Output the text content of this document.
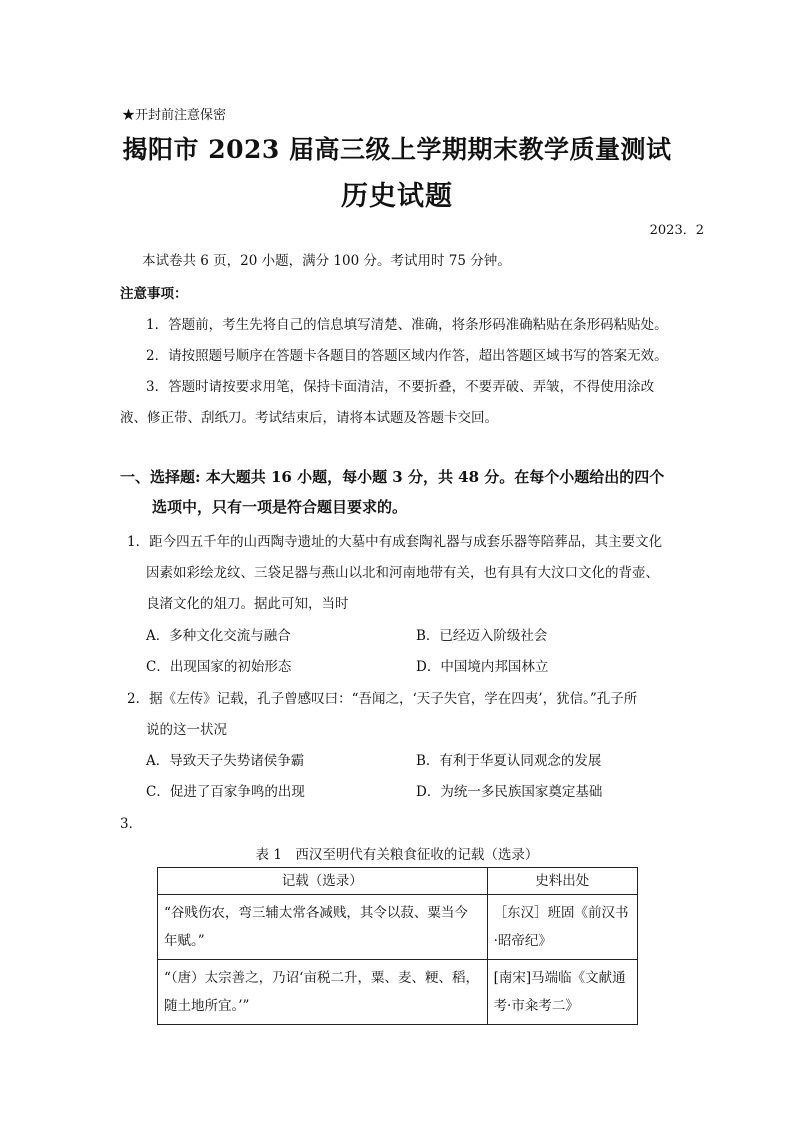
★开封前注意保密
揭阳市 2023 届高三级上学期期末教学质量测试
历史试题
2023．2
本试卷共 6 页，20 小题，满分 100 分。考试用时 75 分钟。
注意事项：
1．答题前，考生先将自己的信息填写清楚、准确，将条形码准确粘贴在条形码粘贴处。
2．请按照题号顺序在答题卡各题目的答题区域内作答，超出答题区域书写的答案无效。
3．答题时请按要求用笔，保持卡面清洁，不要折叠，不要弄破、弄皱，不得使用涂改
液、修正带、刮纸刀。考试结束后，请将本试题及答题卡交回。
一、选择题: 本大题共 16 小题，每小题 3 分，共 48 分。在每个小题给出的四个
选项中，只有一项是符合题目要求的。
1．距今四五千年的山西陶寺遗址的大墓中有成套陶礼器与成套乐器等陪葬品，其主要文化
因素如彩绘龙纹、三袋足器与燕山以北和河南地带有关，也有具有大汶口文化的背壶、
良渚文化的俎刀。据此可知，当时
A．多种文化交流与融合	B．已经迈入阶级社会
C．出现国家的初始形态	D．中国境内邦国林立
2．据《左传》记载，孔子曾感叹曰：“吾闻之，‘天子失官，学在四夷’，犹信。”孔子所
说的这一状况
A．导致天子失势诸侯争霸	B．有利于华夏认同观念的发展
C．促进了百家争鸣的出现	D．为统一多民族国家奠定基础
3．
表 1　西汉至明代有关粮食征收的记载（选录）
记载（选录）	史料出处
“谷贱伤农，弯三辅太常各减贱，其令以菽、粟当今年赋。”	［东汉］班固《前汉书·昭帝纪》
“（唐）太宗善之，乃诏‘亩税二升，粟、麦、粳、稻，随土地所宜。’”	[南宋]马端临《文献通考·市籴考二》
